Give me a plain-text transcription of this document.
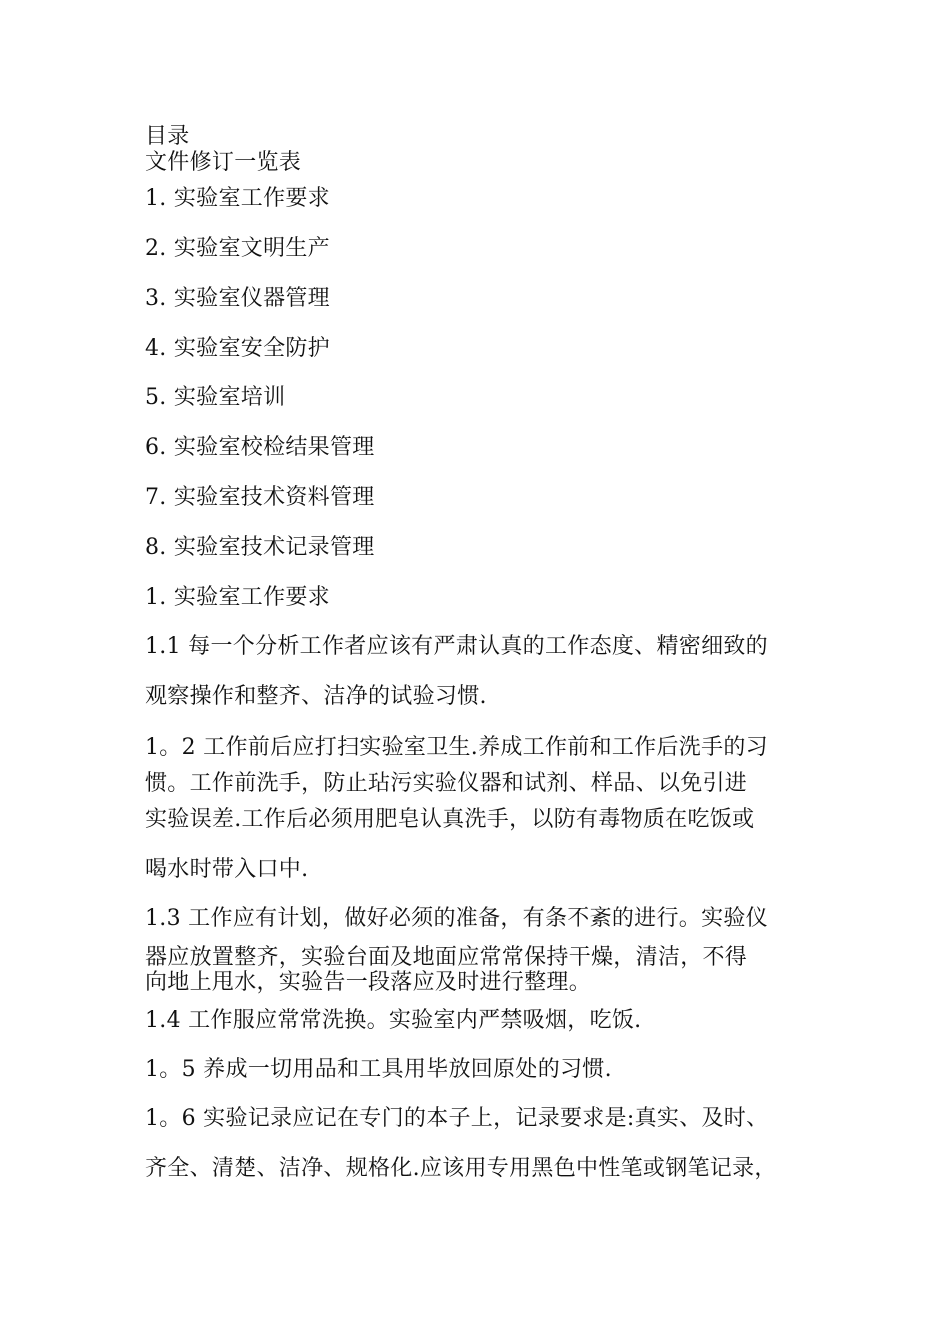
目录
文件修订一览表
1. 实验室工作要求
2. 实验室文明生产
3. 实验室仪器管理
4. 实验室安全防护
5. 实验室培训
6. 实验室校检结果管理
7. 实验室技术资料管理
8. 实验室技术记录管理
1. 实验室工作要求
1.1 每一个分析工作者应该有严肃认真的工作态度、精密细致的
观察操作和整齐、洁净的试验习惯.
1。2 工作前后应打扫实验室卫生.养成工作前和工作后洗手的习
惯。工作前洗手，防止玷污实验仪器和试剂、样品、以免引进
实验误差.工作后必须用肥皂认真洗手，以防有毒物质在吃饭或
喝水时带入口中.
1.3 工作应有计划，做好必须的准备，有条不紊的进行。实验仪
器应放置整齐，实验台面及地面应常常保持干燥，清洁，不得
向地上甩水，实验告一段落应及时进行整理。
1.4 工作服应常常洗换。实验室内严禁吸烟，吃饭.
1。5 养成一切用品和工具用毕放回原处的习惯.
1。6 实验记录应记在专门的本子上，记录要求是:真实、及时、
齐全、清楚、洁净、规格化.应该用专用黑色中性笔或钢笔记录，
